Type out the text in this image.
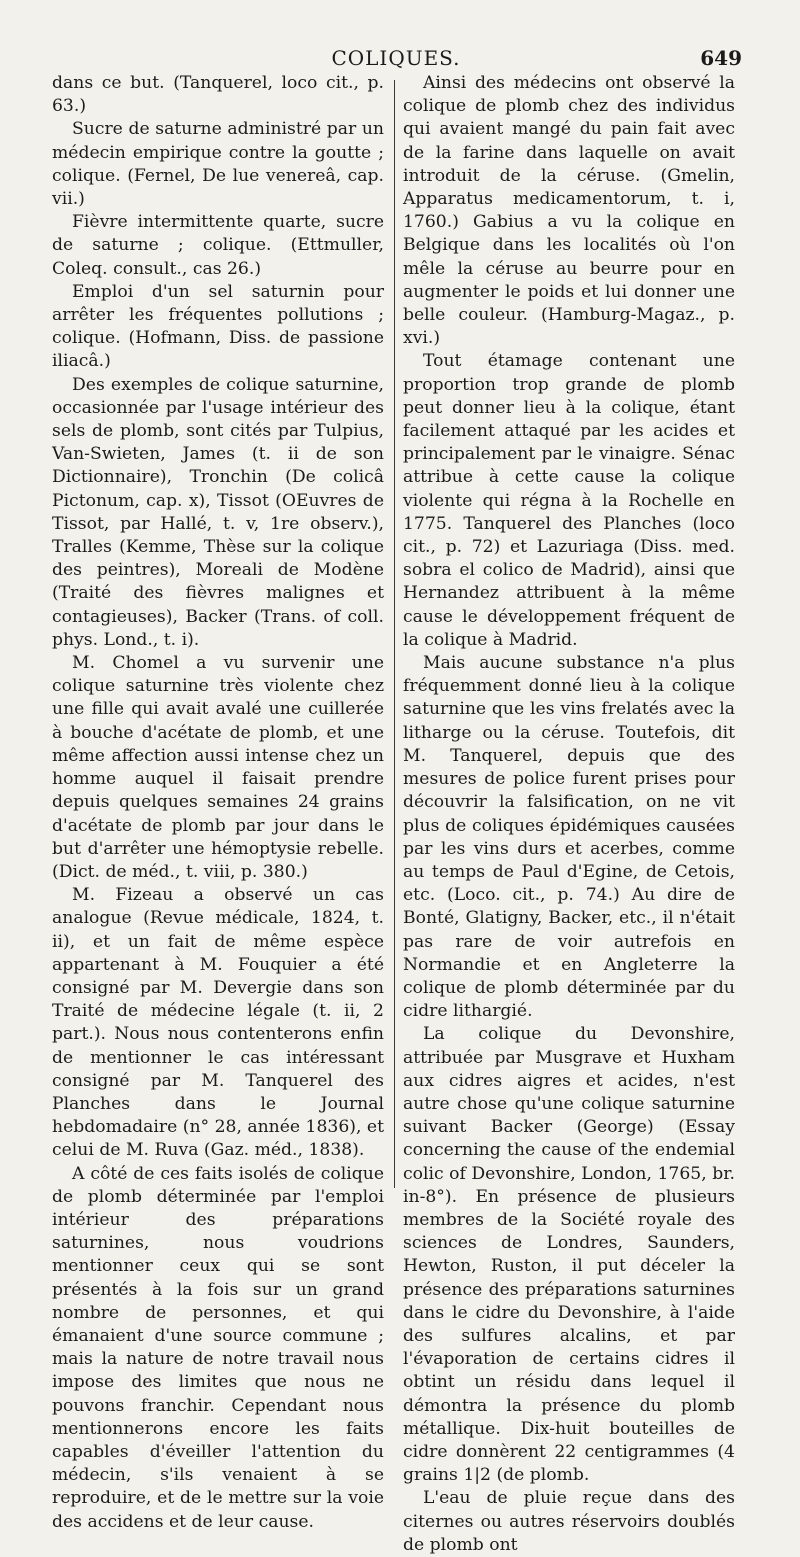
COLIQUES.	649

dans ce but. (Tanquerel, loco cit., p. 63.)

Sucre de saturne administré par un médecin empirique contre la goutte ; colique. (Fernel, De lue venereâ, cap. vii.)

Fièvre intermittente quarte, sucre de saturne ; colique. (Ettmuller, Coleq. consult., cas 26.)

Emploi d'un sel saturnin pour arrêter les fréquentes pollutions ; colique. (Hofmann, Diss. de passione iliacâ.)

Des exemples de colique saturnine, occasionnée par l'usage intérieur des sels de plomb, sont cités par Tulpius, Van-Swieten, James (t. ii de son Dictionnaire), Tronchin (De colicâ Pictonum, cap. x), Tissot (OEuvres de Tissot, par Hallé, t. v, 1re observ.), Tralles (Kemme, Thèse sur la colique des peintres), Moreali de Modène (Traité des fièvres malignes et contagieuses), Backer (Trans. of coll. phys. Lond., t. i).

M. Chomel a vu survenir une colique saturnine très violente chez une fille qui avait avalé une cuillerée à bouche d'acétate de plomb, et une même affection aussi intense chez un homme auquel il faisait prendre depuis quelques semaines 24 grains d'acétate de plomb par jour dans le but d'arrêter une hémoptysie rebelle. (Dict. de méd., t. viii, p. 380.)

M. Fizeau a observé un cas analogue (Revue médicale, 1824, t. ii), et un fait de même espèce appartenant à M. Fouquier a été consigné par M. Devergie dans son Traité de médecine légale (t. ii, 2 part.). Nous nous contenterons enfin de mentionner le cas intéressant consigné par M. Tanquerel des Planches dans le Journal hebdomadaire (n° 28, année 1836), et celui de M. Ruva (Gaz. méd., 1838).

A côté de ces faits isolés de colique de plomb déterminée par l'emploi intérieur des préparations saturnines, nous voudrions mentionner ceux qui se sont présentés à la fois sur un grand nombre de personnes, et qui émanaient d'une source commune ; mais la nature de notre travail nous impose des limites que nous ne pouvons franchir. Cependant nous mentionnerons encore les faits capables d'éveiller l'attention du médecin, s'ils venaient à se reproduire, et de le mettre sur la voie des accidens et de leur cause.

Ainsi des médecins ont observé la colique de plomb chez des individus qui avaient mangé du pain fait avec de la farine dans laquelle on avait introduit de la céruse. (Gmelin, Apparatus medicamentorum, t. i, 1760.) Gabius a vu la colique en Belgique dans les localités où l'on mêle la céruse au beurre pour en augmenter le poids et lui donner une belle couleur. (Hamburg-Magaz., p. xvi.)

Tout étamage contenant une proportion trop grande de plomb peut donner lieu à la colique, étant facilement attaqué par les acides et principalement par le vinaigre. Sénac attribue à cette cause la colique violente qui régna à la Rochelle en 1775. Tanquerel des Planches (loco cit., p. 72) et Lazuriaga (Diss. med. sobra el colico de Madrid), ainsi que Hernandez attribuent à la même cause le développement fréquent de la colique à Madrid.

Mais aucune substance n'a plus fréquemment donné lieu à la colique saturnine que les vins frelatés avec la litharge ou la céruse. Toutefois, dit M. Tanquerel, depuis que des mesures de police furent prises pour découvrir la falsification, on ne vit plus de coliques épidémiques causées par les vins durs et acerbes, comme au temps de Paul d'Egine, de Cetois, etc. (Loco. cit., p. 74.) Au dire de Bonté, Glatigny, Backer, etc., il n'était pas rare de voir autrefois en Normandie et en Angleterre la colique de plomb déterminée par du cidre lithargié.

La colique du Devonshire, attribuée par Musgrave et Huxham aux cidres aigres et acides, n'est autre chose qu'une colique saturnine suivant Backer (George) (Essay concerning the cause of the endemial colic of Devonshire, London, 1765, br. in-8°). En présence de plusieurs membres de la Société royale des sciences de Londres, Saunders, Hewton, Ruston, il put déceler la présence des préparations saturnines dans le cidre du Devonshire, à l'aide des sulfures alcalins, et par l'évaporation de certains cidres il obtint un résidu dans lequel il démontra la présence du plomb métallique. Dix-huit bouteilles de cidre donnèrent 22 centigrammes (4 grains 1|2 (de plomb.

L'eau de pluie reçue dans des citernes ou autres réservoirs doublés de plomb ont
